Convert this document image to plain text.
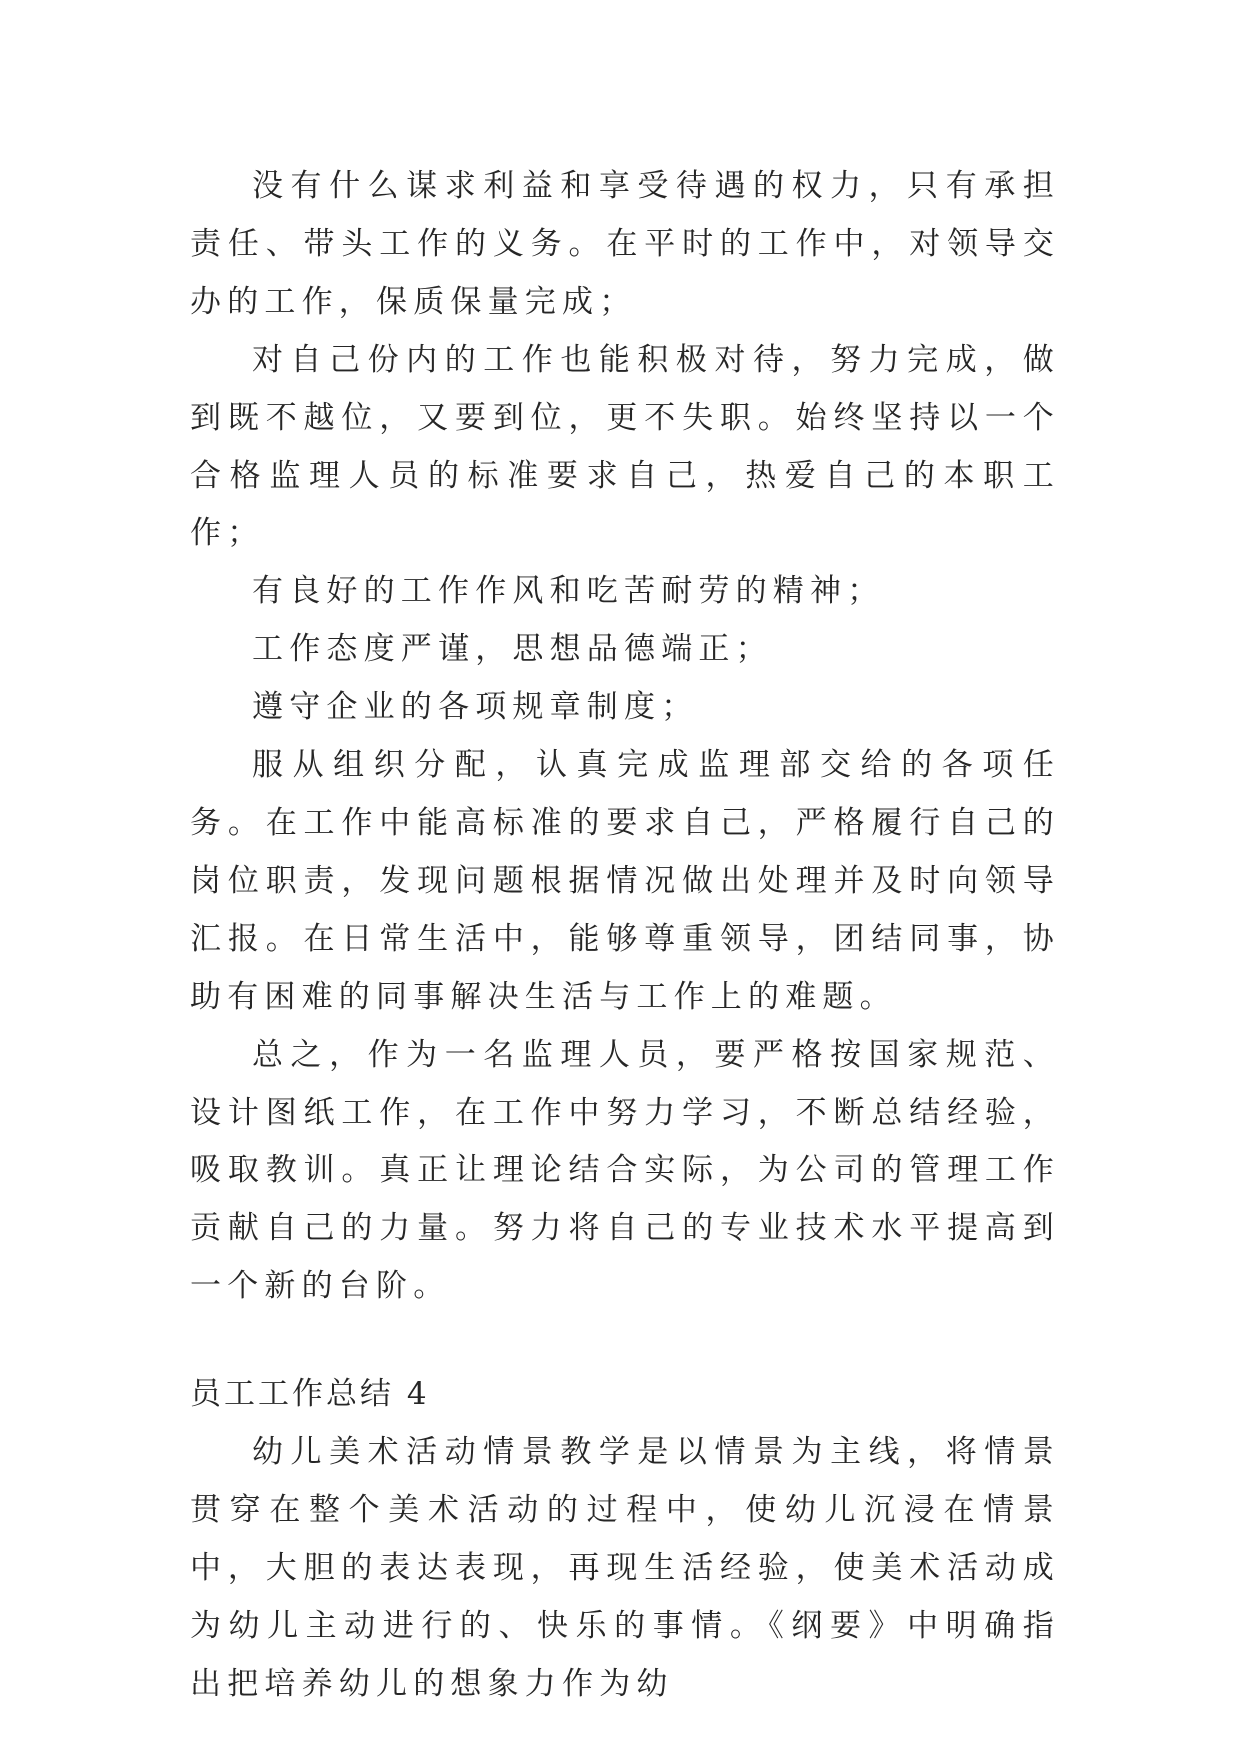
没有什么谋求利益和享受待遇的权力，只有承担责任、带头工作的义务。在平时的工作中，对领导交办的工作，保质保量完成；

对自己份内的工作也能积极对待，努力完成，做到既不越位，又要到位，更不失职。始终坚持以一个合格监理人员的标准要求自己，热爱自己的本职工作；

有良好的工作作风和吃苦耐劳的精神；

工作态度严谨，思想品德端正；

遵守企业的各项规章制度；

服从组织分配，认真完成监理部交给的各项任务。在工作中能高标准的要求自己，严格履行自己的岗位职责，发现问题根据情况做出处理并及时向领导汇报。在日常生活中，能够尊重领导，团结同事，协助有困难的同事解决生活与工作上的难题。

总之，作为一名监理人员，要严格按国家规范、设计图纸工作，在工作中努力学习，不断总结经验，吸取教训。真正让理论结合实际，为公司的管理工作贡献自己的力量。努力将自己的专业技术水平提高到一个新的台阶。

员工工作总结 4

幼儿美术活动情景教学是以情景为主线，将情景贯穿在整个美术活动的过程中，使幼儿沉浸在情景中，大胆的表达表现，再现生活经验，使美术活动成为幼儿主动进行的、快乐的事情。《纲要》中明确指出把培养幼儿的想象力作为幼
